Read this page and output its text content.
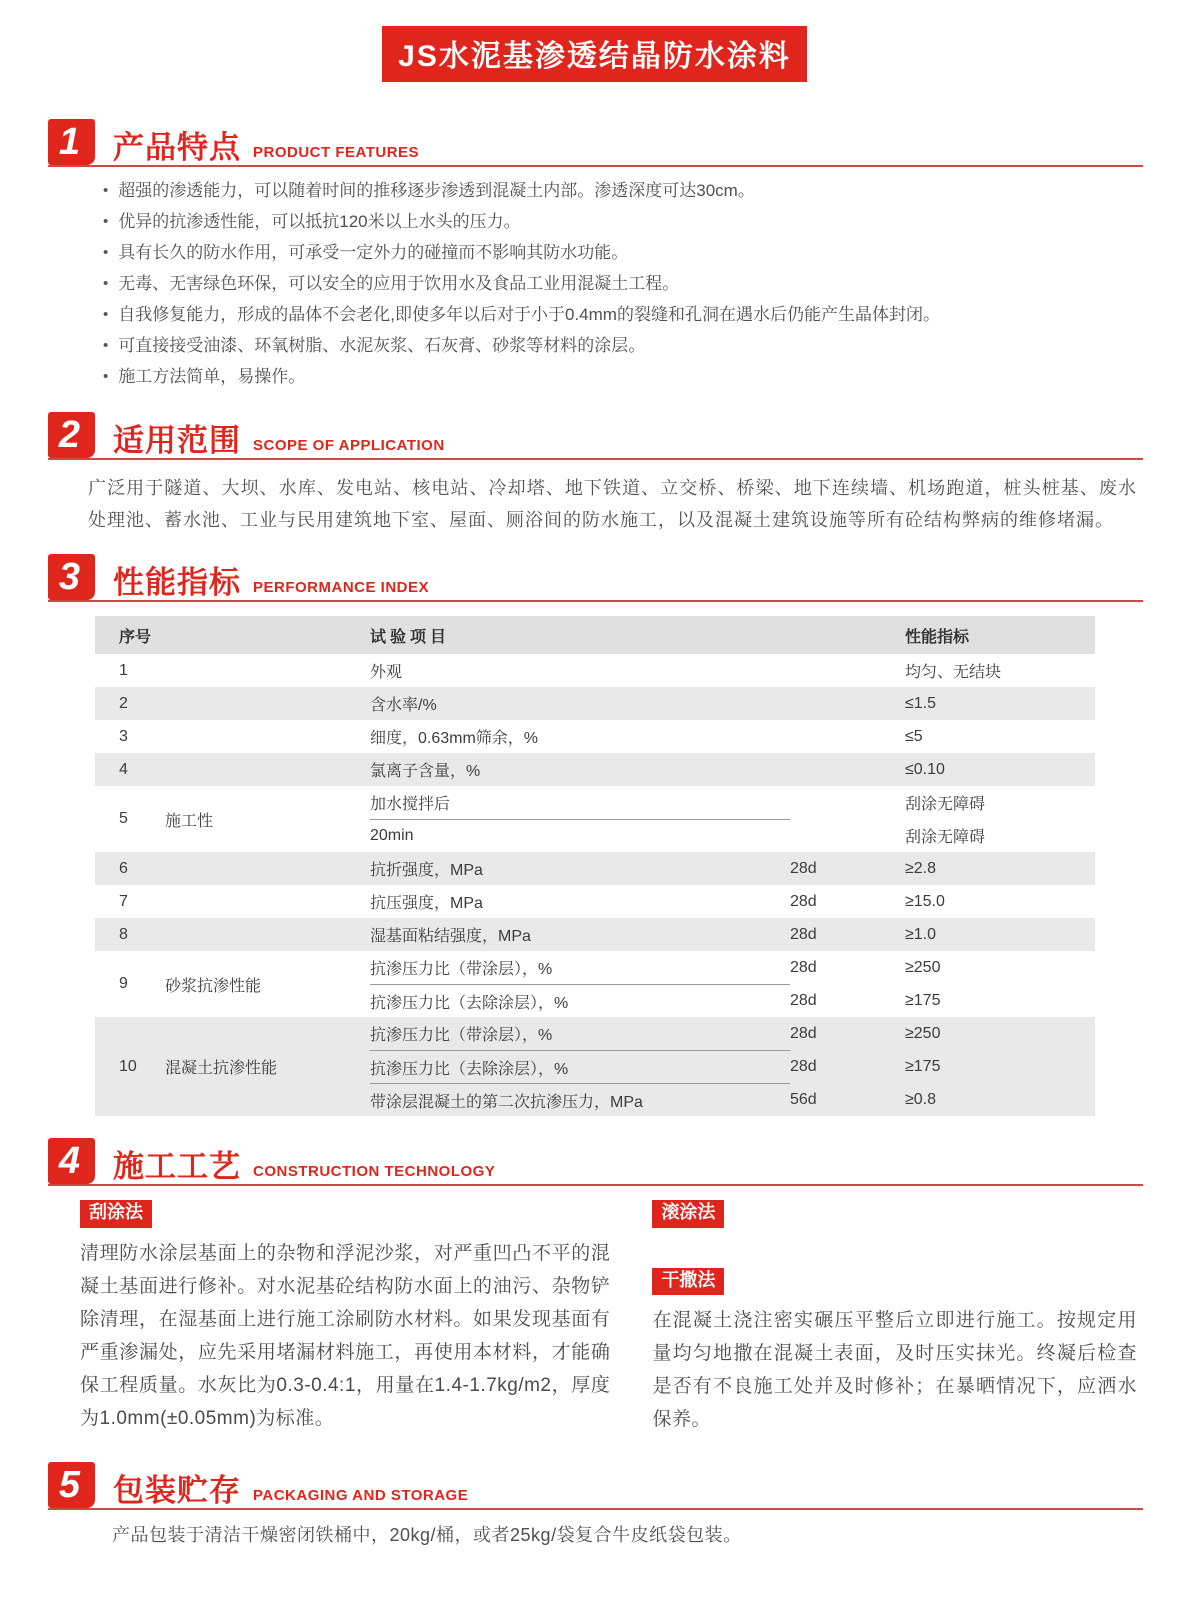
JS水泥基渗透结晶防水涂料
1	产品特点 PRODUCT FEATURES
• 超强的渗透能力，可以随着时间的推移逐步渗透到混凝土内部。渗透深度可达30cm。
• 优异的抗渗透性能，可以抵抗120米以上水头的压力。
• 具有长久的防水作用，可承受一定外力的碰撞而不影响其防水功能。
• 无毒、无害绿色环保，可以安全的应用于饮用水及食品工业用混凝土工程。
• 自我修复能力，形成的晶体不会老化,即使多年以后对于小于0.4mm的裂缝和孔洞在遇水后仍能产生晶体封闭。
• 可直接接受油漆、环氧树脂、水泥灰浆、石灰膏、砂浆等材料的涂层。
• 施工方法简单，易操作。
2	适用范围 SCOPE OF APPLICATION

广泛用于隧道、大坝、水库、发电站、核电站、冷却塔、地下铁道、立交桥、桥梁、地下连续墙、机场跑道，桩头桩基、废水处理池、蓄水池、工业与民用建筑地下室、屋面、厕浴间的防水施工，以及混凝土建筑设施等所有砼结构弊病的维修堵漏。

3	性能指标 PERFORMANCE INDEX
序号	试验项目	性能指标
1	外观	均匀、无结块
2	含水率/%	≤1.5
3	细度，0.63mm筛余，%	≤5
4	氯离子含量，%	≤0.10
5	施工性
加水搅拌后	刮涂无障碍
20min	刮涂无障碍
6	抗折强度，MPa	28d	≥2.8
7	抗压强度，MPa	28d	≥15.0
8	湿基面粘结强度，MPa	28d	≥1.0
9	砂浆抗渗性能
抗渗压力比（带涂层），%	28d	≥250
抗渗压力比（去除涂层），%	28d	≥175
10	混凝土抗渗性能
抗渗压力比（带涂层），%	28d	≥250
抗渗压力比（去除涂层），%	28d	≥175
带涂层混凝土的第二次抗渗压力，MPa	56d	≥0.8
4	施工工艺 CONSTRUCTION TECHNOLOGY
刮涂法

清理防水涂层基面上的杂物和浮泥沙浆，对严重凹凸不平的混凝土基面进行修补。对水泥基砼结构防水面上的油污、杂物铲除清理，在湿基面上进行施工涂刷防水材料。如果发现基面有严重渗漏处，应先采用堵漏材料施工，再使用本材料，才能确保工程质量。水灰比为0.3-0.4:1，用量在1.4-1.7kg/m2，厚度为1.0mm(±0.05mm)为标准。

滚涂法
干撒法

在混凝土浇注密实碾压平整后立即进行施工。按规定用量均匀地撒在混凝土表面，及时压实抹光。终凝后检查是否有不良施工处并及时修补；在暴晒情况下，应洒水保养。

5	包装贮存 PACKAGING AND STORAGE

产品包装于清洁干燥密闭铁桶中，20kg/桶，或者25kg/袋复合牛皮纸袋包装。
